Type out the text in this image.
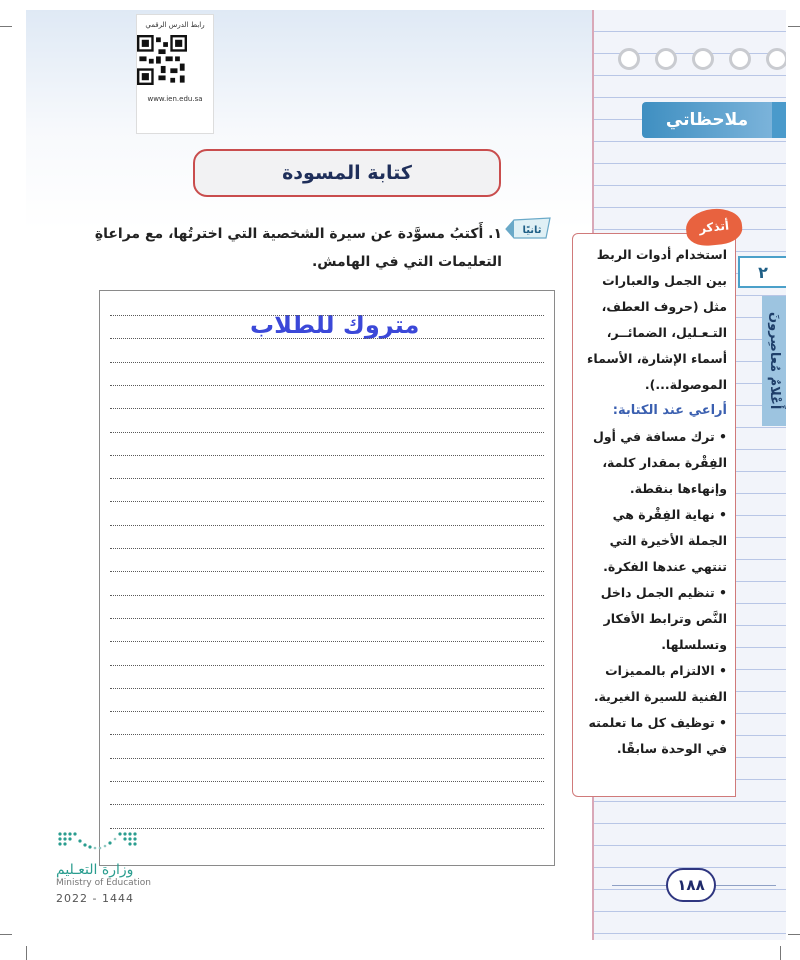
ملاحظاتي
رابط الدرس الرقمي
www.ien.edu.sa
كتابة المسودة
ثانيًا
١. أَكتبُ مسوَّدة عن سيرة الشخصية التي اخترتُها، مع مراعاةِ التعليمات التي في الهامش.
متروك للطلاب

استخدام أدوات الربط

بين الجمل والعبارات

مثل (حروف العطف،

التـعـليل، الضمائــر،

أسماء الإشارة، الأسماء

الموصولة...).

أراعي عند الكتابة:

• ترك مسافة في أول

الفِقْرة بمقدار كلمة،

وإنهاءها بنقطة.

• نهاية الفِقْرة هي

الجملة الأخيرة التي

تنتهي عندها الفكرة.

• تنظيم الجمل داخل

النَّص وترابط الأفكار

وتسلسلها.

• الالتزام بالمميزات

الفنية للسيرة الغيرية.

• توظيف كل ما تعلمته

في الوحدة سابقًا.

أتذكر
٢
أَعْلامٌ مُعاصِرونَ
١٨٨
وزارة التعـليم
Ministry of Education
2022 - 1444
